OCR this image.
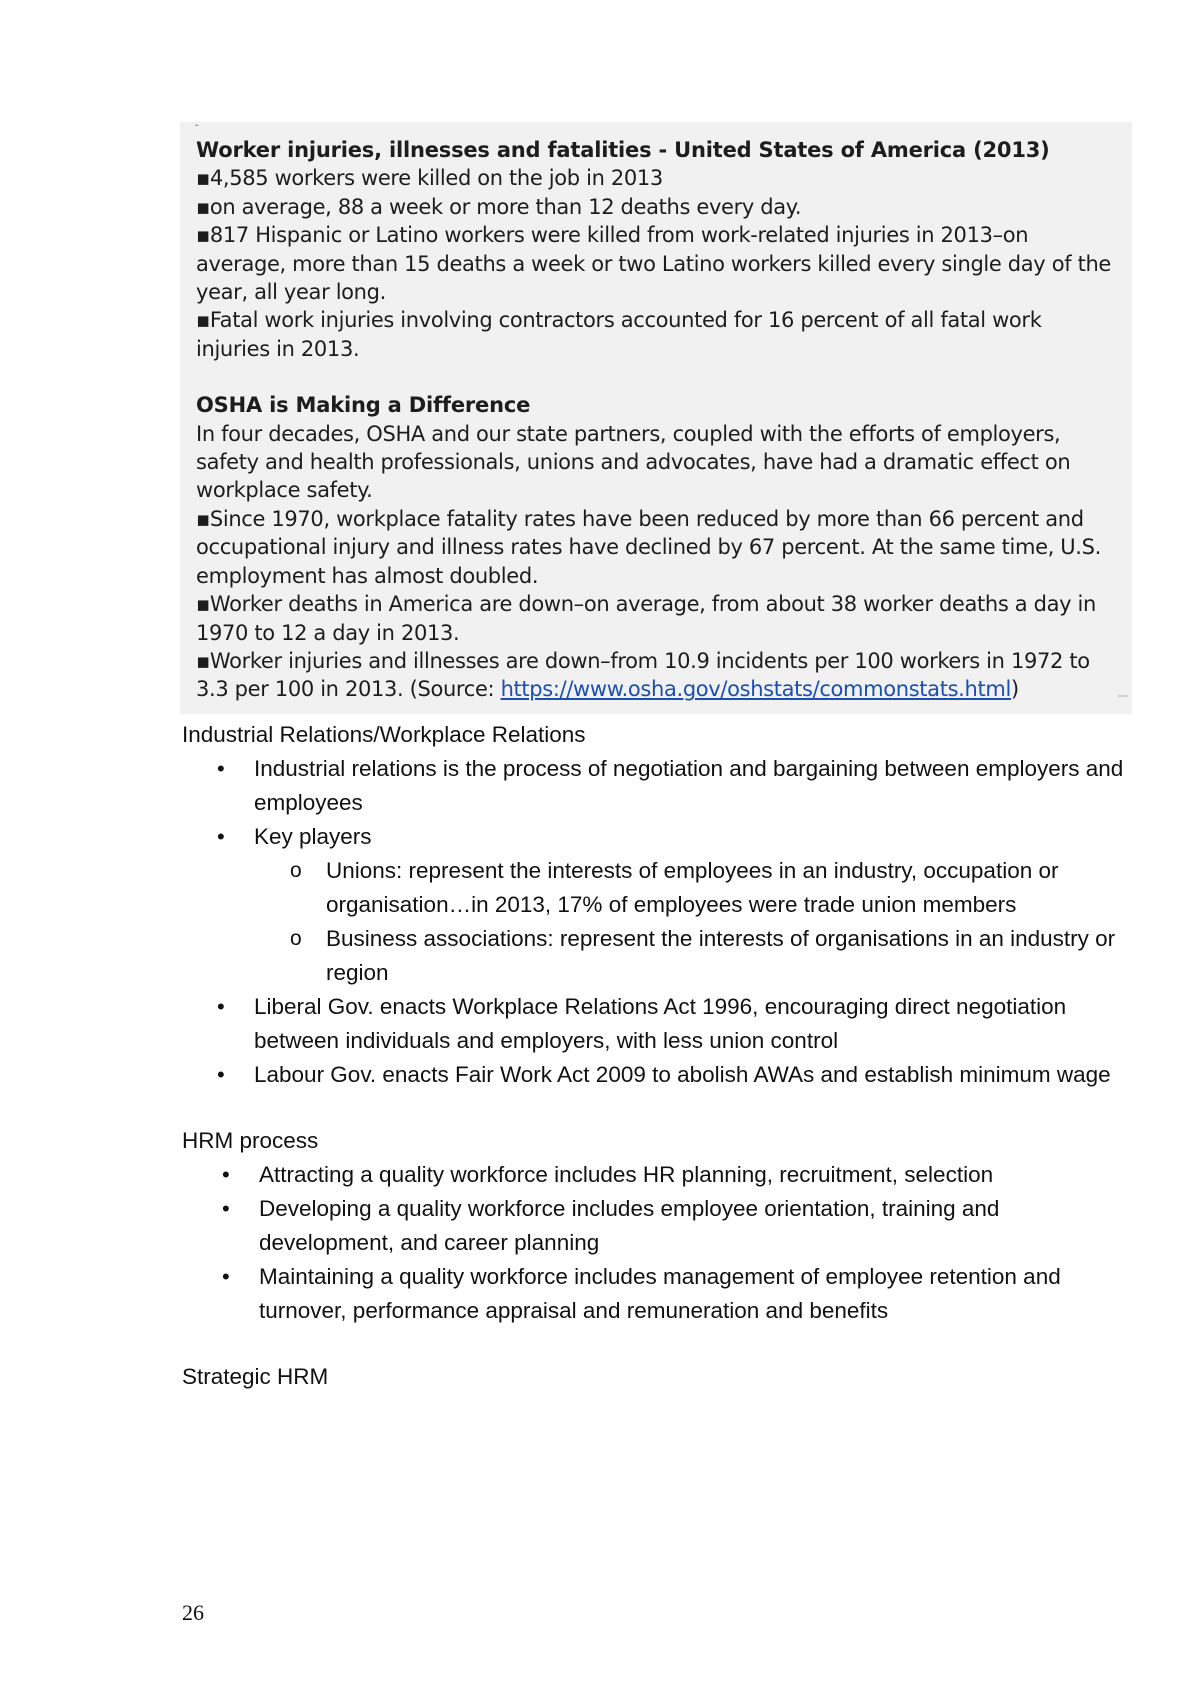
ᵕ
Worker injuries, illnesses and fatalities - United States of America (2013)
▪4,585 workers were killed on the job in 2013
▪on average, 88 a week or more than 12 deaths every day.
▪817 Hispanic or Latino workers were killed from work-related injuries in 2013–on
average, more than 15 deaths a week or two Latino workers killed every single day of the
year, all year long.
▪Fatal work injuries involving contractors accounted for 16 percent of all fatal work
injuries in 2013.
OSHA is Making a Difference
In four decades, OSHA and our state partners, coupled with the efforts of employers,
safety and health professionals, unions and advocates, have had a dramatic effect on
workplace safety.
▪Since 1970, workplace fatality rates have been reduced by more than 66 percent and
occupational injury and illness rates have declined by 67 percent. At the same time, U.S.
employment has almost doubled.
▪Worker deaths in America are down–on average, from about 38 worker deaths a day in
1970 to 12 a day in 2013.
▪Worker injuries and illnesses are down–from 10.9 incidents per 100 workers in 1972 to
3.3 per 100 in 2013. (Source: https://www.osha.gov/oshstats/commonstats.html)

Industrial Relations/Workplace Relations

• Industrial relations is the process of negotiation and bargaining between employers and employees
• Key players
o Unions: represent the interests of employees in an industry, occupation or organisation…in 2013, 17% of employees were trade union members
o Business associations: represent the interests of organisations in an industry or region
• Liberal Gov. enacts Workplace Relations Act 1996, encouraging direct negotiation between individuals and employers, with less union control
• Labour Gov. enacts Fair Work Act 2009 to abolish AWAs and establish minimum wage

HRM process

• Attracting a quality workforce includes HR planning, recruitment, selection
• Developing a quality workforce includes employee orientation, training and development, and career planning
• Maintaining a quality workforce includes management of employee retention and turnover, performance appraisal and remuneration and benefits

Strategic HRM

26
